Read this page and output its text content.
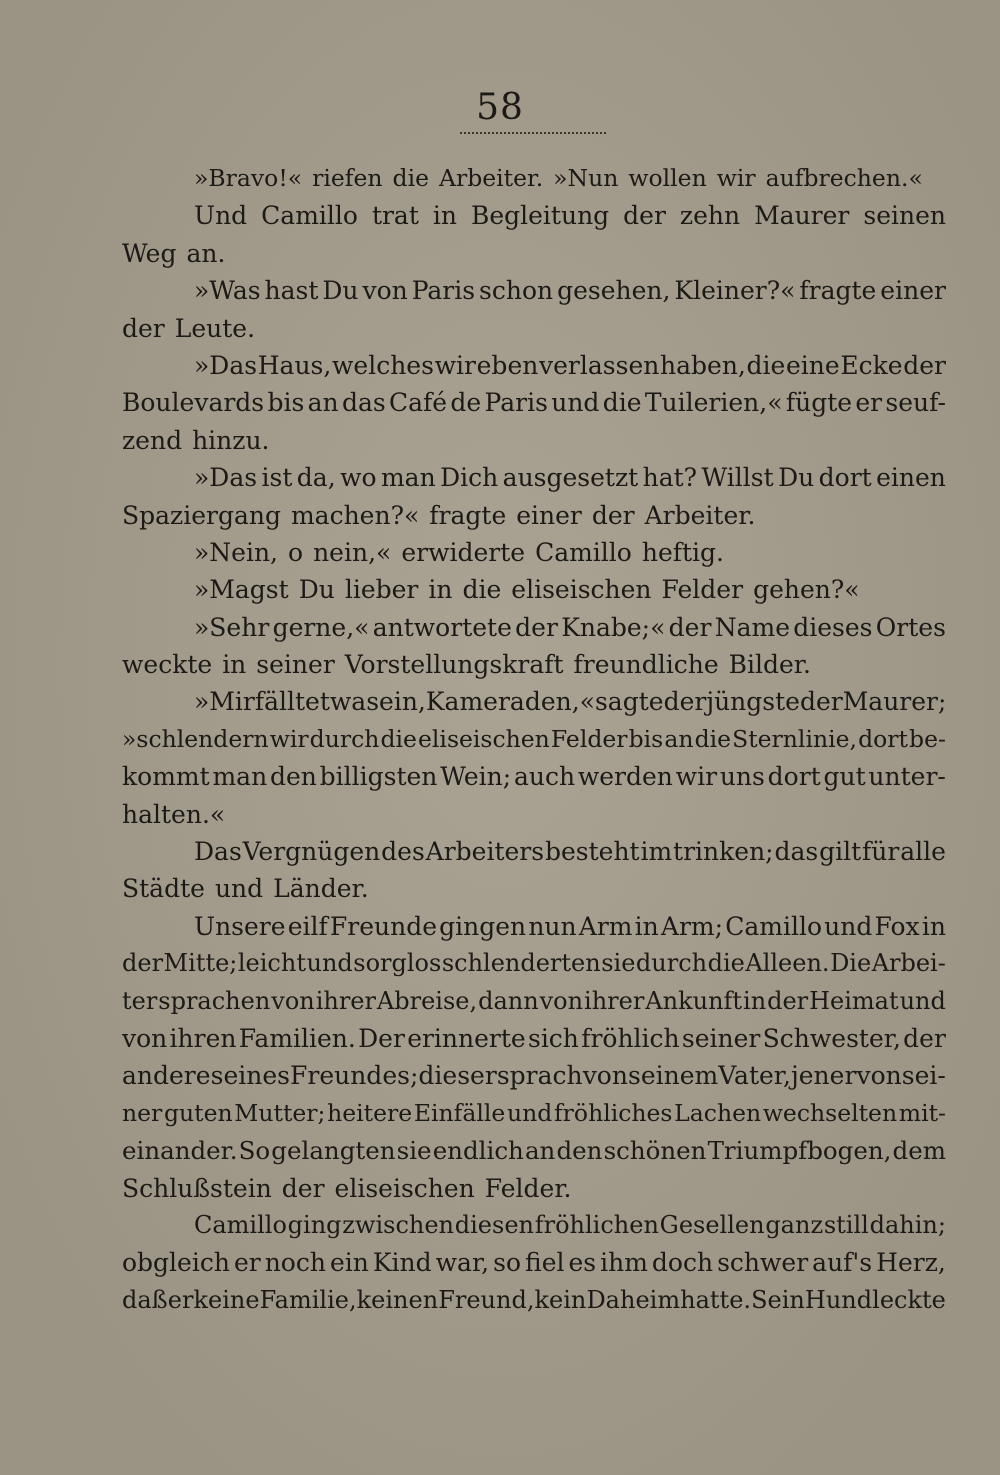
58
»Bravo!« riefen die Arbeiter. »Nun wollen wir aufbrechen.«
Und Camillo trat in Begleitung der zehn Maurer seinen
Weg an.
»Was hast Du von Paris schon gesehen, Kleiner?« fragte einer
der Leute.
»Das Haus, welches wir eben verlassen haben, die eine Ecke der
Boulevards bis an das Café de Paris und die Tuilerien,« fügte er seuf-
zend hinzu.
»Das ist da, wo man Dich ausgesetzt hat? Willst Du dort einen
Spaziergang machen?« fragte einer der Arbeiter.
»Nein, o nein,« erwiderte Camillo heftig.
»Magst Du lieber in die eliseischen Felder gehen?«
»Sehr gerne,« antwortete der Knabe;« der Name dieses Ortes
weckte in seiner Vorstellungskraft freundliche Bilder.
»Mir fällt etwas ein, Kameraden,« sagte der jüngste der Maurer;
»schlendern wir durch die eliseischen Felder bis an die Sternlinie, dort be-
kommt man den billigsten Wein; auch werden wir uns dort gut unter-
halten.«
Das Vergnügen des Arbeiters besteht im trinken; das gilt für alle
Städte und Länder.
Unsere eilf Freunde gingen nun Arm in Arm; Camillo und Fox in
der Mitte; leicht und sorglos schlenderten sie durch die Alleen. Die Arbei-
ter sprachen von ihrer Abreise, dann von ihrer Ankunft in der Heimat und
von ihren Familien. Der erinnerte sich fröhlich seiner Schwester, der
andere seines Freundes; dieser sprach von seinem Vater, jener von sei-
ner guten Mutter; heitere Einfälle und fröhliches Lachen wechselten mit-
einander. So gelangten sie endlich an den schönen Triumpfbogen, dem
Schlußstein der eliseischen Felder.
Camillo ging zwischen diesen fröhlichen Gesellen ganz still dahin;
obgleich er noch ein Kind war, so fiel es ihm doch schwer auf's Herz,
daß er keine Familie, keinen Freund, kein Daheim hatte. Sein Hund leckte
